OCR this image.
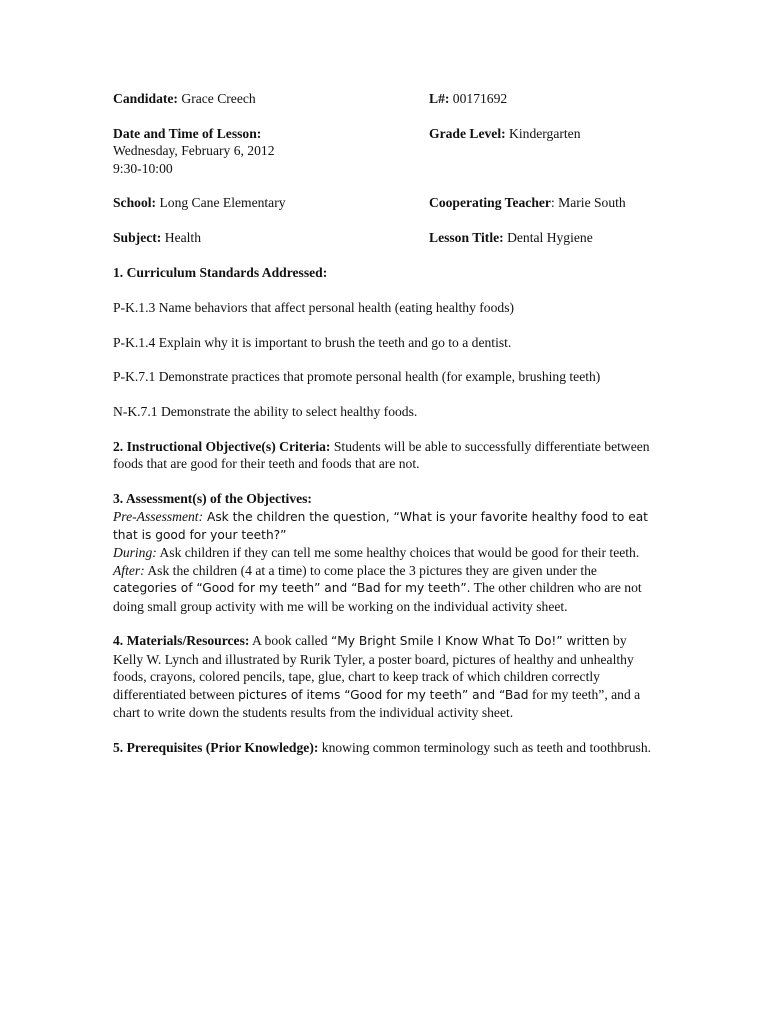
Candidate: Grace Creech	L#: 00171692
Date and Time of Lesson:
Wednesday, February 6, 2012
9:30-10:00
Grade Level: Kindergarten
School: Long Cane Elementary	Cooperating Teacher: Marie South
Subject: Health	Lesson Title: Dental Hygiene

1. Curriculum Standards Addressed:

P-K.1.3 Name behaviors that affect personal health (eating healthy foods)

P-K.1.4 Explain why it is important to brush the teeth and go to a dentist.

P-K.7.1 Demonstrate practices that promote personal health (for example, brushing teeth)

N-K.7.1 Demonstrate the ability to select healthy foods.

2. Instructional Objective(s) Criteria: Students will be able to successfully differentiate between foods that are good for their teeth and foods that are not.

3. Assessment(s) of the Objectives:
Pre-Assessment: Ask the children the question, “What is your favorite healthy food to eat that is good for your teeth?”
During: Ask children if they can tell me some healthy choices that would be good for their teeth.
After: Ask the children (4 at a time) to come place the 3 pictures they are given under the categories of “Good for my teeth” and “Bad for my teeth”. The other children who are not doing small group activity with me will be working on the individual activity sheet.

4. Materials/Resources: A book called “My Bright Smile I Know What To Do!” written by Kelly W. Lynch and illustrated by Rurik Tyler, a poster board, pictures of healthy and unhealthy foods, crayons, colored pencils, tape, glue, chart to keep track of which children correctly differentiated between pictures of items “Good for my teeth” and “Bad for my teeth”, and a chart to write down the students results from the individual activity sheet.

5. Prerequisites (Prior Knowledge): knowing common terminology such as teeth and toothbrush.
